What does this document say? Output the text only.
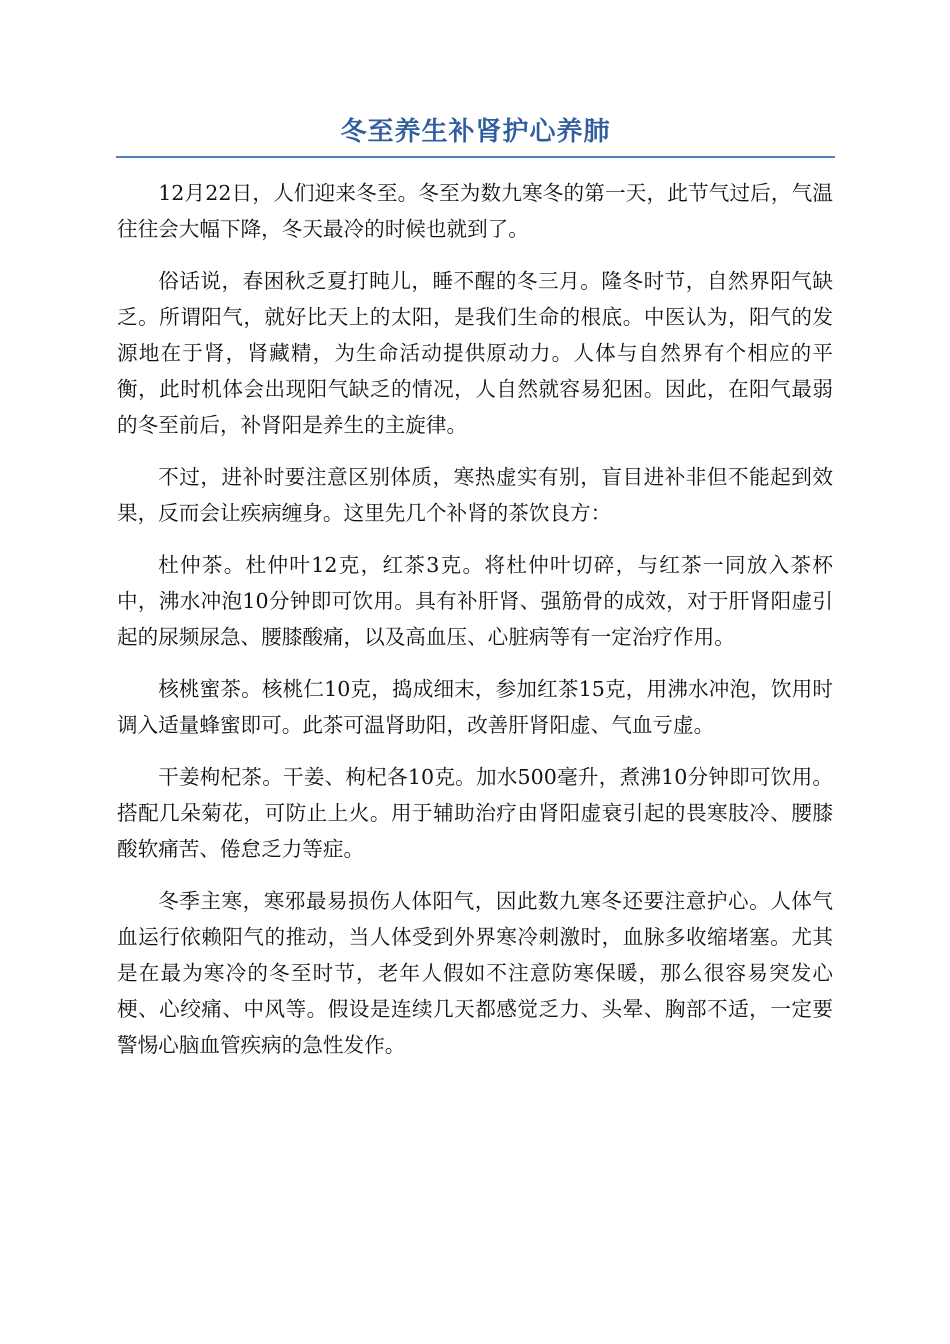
冬至养生补肾护心养肺

12月22日，人们迎来冬至。冬至为数九寒冬的第一天，此节气过后，气温往往会大幅下降，冬天最冷的时候也就到了。

俗话说，春困秋乏夏打盹儿，睡不醒的冬三月。隆冬时节，自然界阳气缺乏。所谓阳气，就好比天上的太阳，是我们生命的根底。中医认为，阳气的发源地在于肾，肾藏精，为生命活动提供原动力。人体与自然界有个相应的平衡，此时机体会出现阳气缺乏的情况，人自然就容易犯困。因此，在阳气最弱的冬至前后，补肾阳是养生的主旋律。

不过，进补时要注意区别体质，寒热虚实有别，盲目进补非但不能起到效果，反而会让疾病缠身。这里先几个补肾的茶饮良方：

杜仲茶。杜仲叶12克，红茶3克。将杜仲叶切碎，与红茶一同放入茶杯中，沸水冲泡10分钟即可饮用。具有补肝肾、强筋骨的成效，对于肝肾阳虚引起的尿频尿急、腰膝酸痛，以及高血压、心脏病等有一定治疗作用。

核桃蜜茶。核桃仁10克，捣成细末，参加红茶15克，用沸水冲泡，饮用时调入适量蜂蜜即可。此茶可温肾助阳，改善肝肾阳虚、气血亏虚。

干姜枸杞茶。干姜、枸杞各10克。加水500毫升，煮沸10分钟即可饮用。搭配几朵菊花，可防止上火。用于辅助治疗由肾阳虚衰引起的畏寒肢冷、腰膝酸软痛苦、倦怠乏力等症。

冬季主寒，寒邪最易损伤人体阳气，因此数九寒冬还要注意护心。人体气血运行依赖阳气的推动，当人体受到外界寒冷刺激时，血脉多收缩堵塞。尤其是在最为寒冷的冬至时节，老年人假如不注意防寒保暖，那么很容易突发心梗、心绞痛、中风等。假设是连续几天都感觉乏力、头晕、胸部不适，一定要警惕心脑血管疾病的急性发作。
